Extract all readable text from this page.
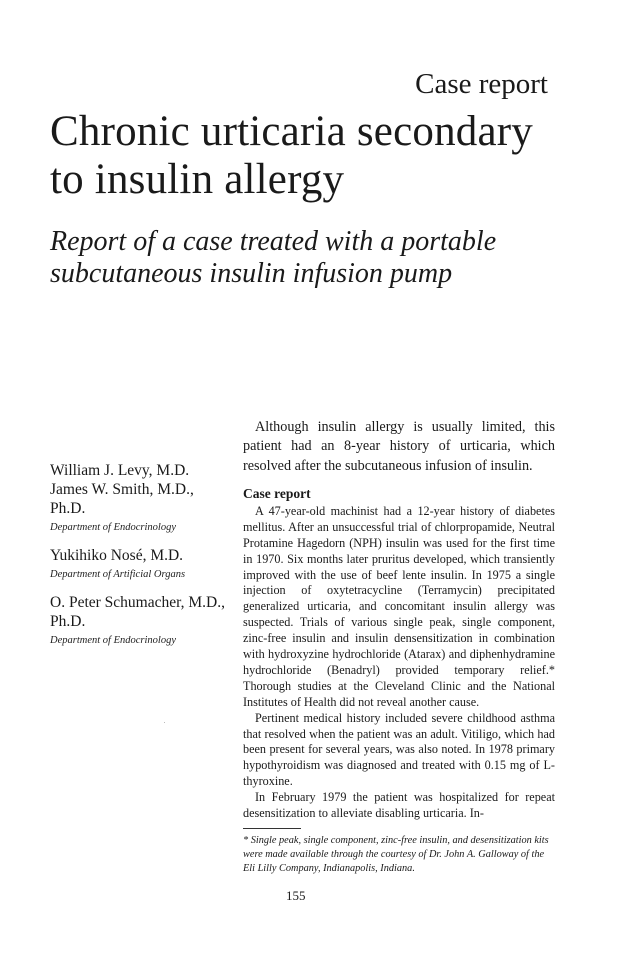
Case report
Chronic urticaria secondary
to insulin allergy
Report of a case treated with a portable
subcutaneous insulin infusion pump
William J. Levy, M.D.
James W. Smith, M.D.,
Ph.D.
Department of Endocrinology
Yukihiko Nosé, M.D.
Department of Artificial Organs
O. Peter Schumacher, M.D.,
Ph.D.
Department of Endocrinology

Although insulin allergy is usually limited, this patient had an 8-year history of urticaria, which resolved after the subcutaneous infusion of insulin.

Case report

A 47-year-old machinist had a 12-year history of diabetes mellitus. After an unsuccessful trial of chlorpropamide, Neutral Protamine Hagedorn (NPH) insulin was used for the first time in 1970. Six months later pruritus developed, which transiently improved with the use of beef lente insulin. In 1975 a single injection of oxytetracycline (Terramycin) precipitated generalized urticaria, and concomitant insulin allergy was suspected. Trials of various single peak, single component, zinc-free insulin and insulin densensitization in combination with hydroxyzine hydrochloride (Atarax) and diphenhydramine hydrochloride (Benadryl) provided temporary relief.* Thorough studies at the Cleveland Clinic and the National Institutes of Health did not reveal another cause.

Pertinent medical history included severe childhood asthma that resolved when the patient was an adult. Vitiligo, which had been present for several years, was also noted. In 1978 primary hypothyroidism was diagnosed and treated with 0.15 mg of L-thyroxine.

In February 1979 the patient was hospitalized for repeat desensitization to alleviate disabling urticaria. In-

* Single peak, single component, zinc-free insulin, and desensitization kits were made available through the courtesy of Dr. John A. Galloway of the Eli Lilly Company, Indianapolis, Indiana.

155
